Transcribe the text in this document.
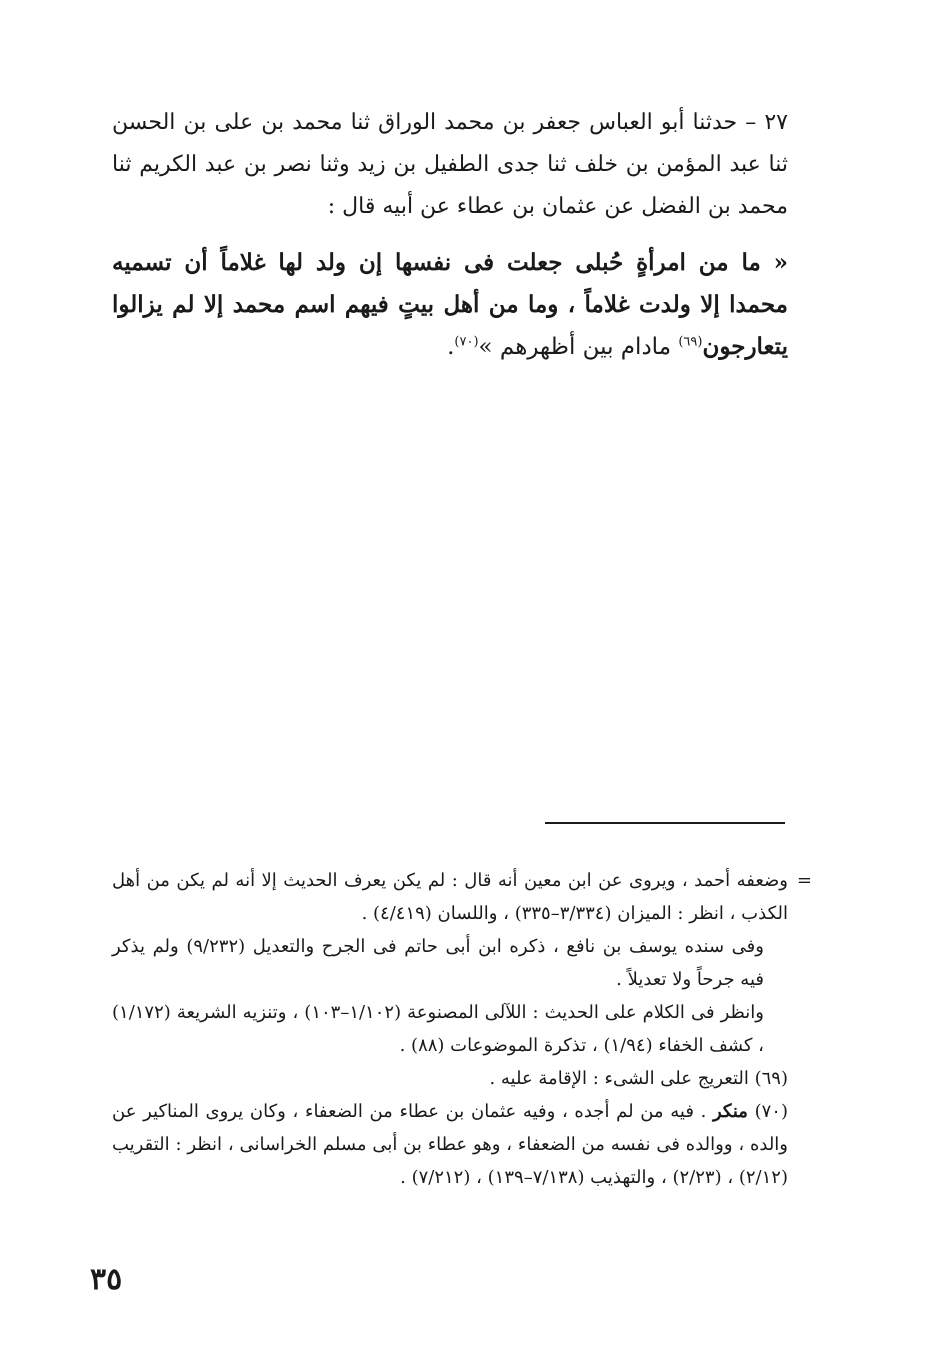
٢٧ – حدثنا أبو العباس جعفر بن محمد الوراق ثنا محمد بن على بن الحسن ثنا عبد المؤمن بن خلف ثنا جدى الطفيل بن زيد وثنا نصر بن عبد الكريم ثنا محمد بن الفضل عن عثمان بن عطاء عن أبيه قال :

« ما من امرأةٍ حُبلى جعلت فى نفسها إن ولد لها غلاماً أن تسميه محمدا إلا ولدت غلاماً ، وما من أهل بيتٍ فيهم اسم محمد إلا لم يزالوا يتعارجون$^{(٦٩)}$ مادام بين أظهرهم »$^{(٧٠)}$.

=
وضعفه أحمد ، ويروى عن ابن معين أنه قال : لم يكن يعرف الحديث إلا أنه لم يكن من أهل الكذب ، انظر : الميزان (٣/٣٣٤–٣٣٥) ، واللسان (٤/٤١٩) .

وفى سنده يوسف بن نافع ، ذكره ابن أبى حاتم فى الجرح والتعديل (٩/٢٣٢) ولم يذكر فيه جرحاً ولا تعديلاً .

وانظر فى الكلام على الحديث : اللآلى المصنوعة (١/١٠٢–١٠٣) ، وتنزيه الشريعة (١/١٧٢) ، كشف الخفاء (١/٩٤) ، تذكرة الموضوعات (٨٨) .

(٦٩) التعريج على الشىء : الإقامة عليه .

(٧٠) منكر . فيه من لم أجده ، وفيه عثمان بن عطاء من الضعفاء ، وكان يروى المناكير عن والده ، ووالده فى نفسه من الضعفاء ، وهو عطاء بن أبى مسلم الخراسانى ، انظر : التقريب (٢/١٢) ، (٢/٢٣) ، والتهذيب (٧/١٣٨–١٣٩) ، (٧/٢١٢) .

٣٥
